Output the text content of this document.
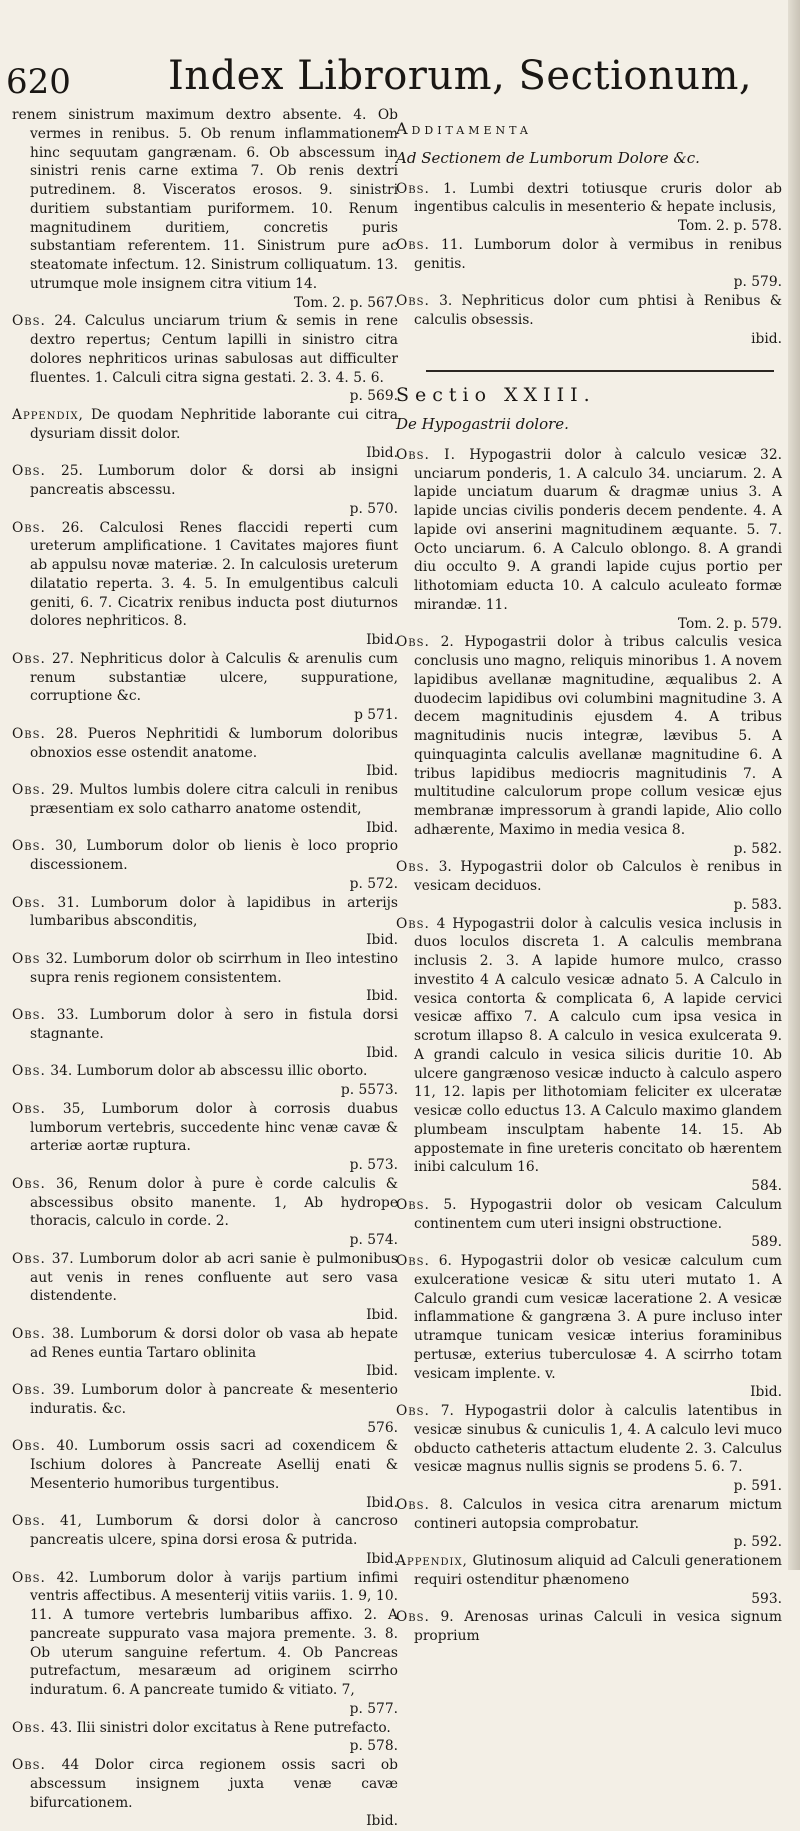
620 Index Librorum, Sectionum,

renem sinistrum maximum dextro absente. 4. Ob vermes in renibus. 5. Ob renum inflammationem hinc sequutam gangrænam. 6. Ob abscessum in sinistri renis carne extima 7. Ob renis dextri putredinem. 8. Visceratos erosos. 9. sinistri duritiem substantiam puriformem. 10. Renum magnitudinem duritiem, concretis puris substantiam referentem. 11. Sinistrum pure ac steatomate infectum. 12. Sinistrum colliquatum. 13. utrumque mole insignem citra vitium 14.
Tom. 2. p. 567.

Obs. 24. Calculus unciarum trium & semis in rene dextro repertus; Centum lapilli in sinistro citra dolores nephriticos urinas sabulosas aut difficulter fluentes. 1. Calculi citra signa gestati. 2. 3. 4. 5. 6.
p. 569.

Appendix, De quodam Nephritide laborante cui citra dysuriam dissit dolor.
Ibid.

Obs. 25. Lumborum dolor & dorsi ab insigni pancreatis abscessu.
p. 570.

Obs. 26. Calculosi Renes flaccidi reperti cum ureterum amplificatione. 1 Cavitates majores fiunt ab appulsu novæ materiæ. 2. In calculosis ureterum dilatatio reperta. 3. 4. 5. In emulgentibus calculi geniti, 6. 7. Cicatrix renibus inducta post diuturnos dolores nephriticos. 8.
Ibid.

Obs. 27. Nephriticus dolor à Calculis & arenulis cum renum substantiæ ulcere, suppuratione, corruptione &c.
p 571.

Obs. 28. Pueros Nephritidi & lumborum doloribus obnoxios esse ostendit anatome.
Ibid.

Obs. 29. Multos lumbis dolere citra calculi in renibus præsentiam ex solo catharro anatome ostendit,
Ibid.

Obs. 30, Lumborum dolor ob lienis è loco proprio discessionem.
p. 572.

Obs. 31. Lumborum dolor à lapidibus in arterijs lumbaribus absconditis,
Ibid.

Obs 32. Lumborum dolor ob scirrhum in Ileo intestino supra renis regionem consistentem.
Ibid.

Obs. 33. Lumborum dolor à sero in fistula dorsi stagnante.
Ibid.

Obs. 34. Lumborum dolor ab abscessu illic oborto.
p. 5573.

Obs. 35, Lumborum dolor à corrosis duabus lumborum vertebris, succedente hinc venæ cavæ & arteriæ aortæ ruptura.
p. 573.

Obs. 36, Renum dolor à pure è corde calculis & abscessibus obsito manente. 1, Ab hydrope thoracis, calculo in corde. 2.
p. 574.

Obs. 37. Lumborum dolor ab acri sanie è pulmonibus aut venis in renes confluente aut sero vasa distendente.
Ibid.

Obs. 38. Lumborum & dorsi dolor ob vasa ab hepate ad Renes euntia Tartaro oblinita
Ibid.

Obs. 39. Lumborum dolor à pancreate & mesenterio induratis. &c.
576.

Obs. 40. Lumborum ossis sacri ad coxendicem & Ischium dolores à Pancreate Asellij enati & Mesenterio humoribus turgentibus.
Ibid.

Obs. 41, Lumborum & dorsi dolor à cancroso pancreatis ulcere, spina dorsi erosa & putrida.
Ibid.

Obs. 42. Lumborum dolor à varijs partium infimi ventris affectibus. A mesenterij vitiis variis. 1. 9, 10. 11. A tumore vertebris lumbaribus affixo. 2. A pancreate suppurato vasa majora premente. 3. 8. Ob uterum sanguine refertum. 4. Ob Pancreas putrefactum, mesaræum ad originem scirrho induratum. 6. A pancreate tumido & vitiato. 7,
p. 577.

Obs. 43. Ilii sinistri dolor excitatus à Rene putrefacto.
p. 578.

Obs. 44 Dolor circa regionem ossis sacri ob abscessum insignem juxta venæ cavæ bifurcationem.
Ibid.

Additamenta

Ad Sectionem de Lumborum Dolore &c.

Obs. 1. Lumbi dextri totiusque cruris dolor ab ingentibus calculis in mesenterio & hepate inclusis,
Tom. 2. p. 578.

Obs. 11. Lumborum dolor à vermibus in renibus genitis.
p. 579.

Obs. 3. Nephriticus dolor cum phtisi à Renibus & calculis obsessis.
ibid.

Sectio XXIII.

De Hypogastrii dolore.

Obs. I. Hypogastrii dolor à calculo vesicæ 32. unciarum ponderis, 1. A calculo 34. unciarum. 2. A lapide unciatum duarum & dragmæ unius 3. A lapide uncias civilis ponderis decem pendente. 4. A lapide ovi anserini magnitudinem æquante. 5. 7. Octo unciarum. 6. A Calculo oblongo. 8. A grandi diu occulto 9. A grandi lapide cujus portio per lithotomiam educta 10. A calculo aculeato formæ mirandæ. 11.
Tom. 2. p. 579.

Obs. 2. Hypogastrii dolor à tribus calculis vesica conclusis uno magno, reliquis minoribus 1. A novem lapidibus avellanæ magnitudine, æqualibus 2. A duodecim lapidibus ovi columbini magnitudine 3. A decem magnitudinis ejusdem 4. A tribus magnitudinis nucis integræ, lævibus 5. A quinquaginta calculis avellanæ magnitudine 6. A tribus lapidibus mediocris magnitudinis 7. A multitudine calculorum prope collum vesicæ ejus membranæ impressorum à grandi lapide, Alio collo adhærente, Maximo in media vesica 8.
p. 582.

Obs. 3. Hypogastrii dolor ob Calculos è renibus in vesicam deciduos.
p. 583.

Obs. 4 Hypogastrii dolor à calculis vesica inclusis in duos loculos discreta 1. A calculis membrana inclusis 2. 3. A lapide humore mulco, crasso investito 4 A calculo vesicæ adnato 5. A Calculo in vesica contorta & complicata 6, A lapide cervici vesicæ affixo 7. A calculo cum ipsa vesica in scrotum illapso 8. A calculo in vesica exulcerata 9. A grandi calculo in vesica silicis duritie 10. Ab ulcere gangrænoso vesicæ inducto à calculo aspero 11, 12. lapis per lithotomiam feliciter ex ulceratæ vesicæ collo eductus 13. A Calculo maximo glandem plumbeam insculptam habente 14. 15. Ab appostemate in fine ureteris concitato ob hærentem inibi calculum 16.
584.

Obs. 5. Hypogastrii dolor ob vesicam Calculum continentem cum uteri insigni obstructione.
589.

Obs. 6. Hypogastrii dolor ob vesicæ calculum cum exulceratione vesicæ & situ uteri mutato 1. A Calculo grandi cum vesicæ laceratione 2. A vesicæ inflammatione & gangræna 3. A pure incluso inter utramque tunicam vesicæ interius foraminibus pertusæ, exterius tuberculosæ 4. A scirrho totam vesicam implente. v.
Ibid.

Obs. 7. Hypogastrii dolor à calculis latentibus in vesicæ sinubus & cuniculis 1, 4. A calculo levi muco obducto catheteris attactum eludente 2. 3. Calculus vesicæ magnus nullis signis se prodens 5. 6. 7.
p. 591.

Obs. 8. Calculos in vesica citra arenarum mictum contineri autopsia comprobatur.
p. 592.

Appendix, Glutinosum aliquid ad Calculi generationem requiri ostenditur phænomeno
593.

Obs. 9. Arenosas urinas Calculi in vesica signum proprium
